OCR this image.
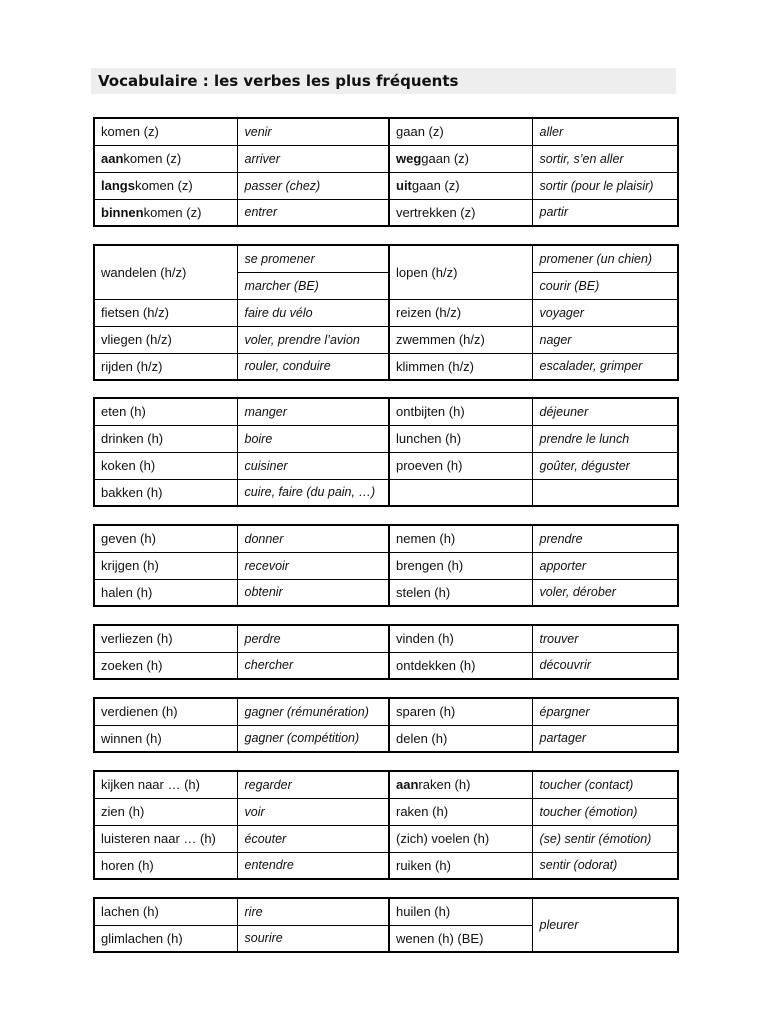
Vocabulaire : les verbes les plus fréquents
komen (z)	venir	gaan (z)	aller
aankomen (z)	arriver	weggaan (z)	sortir, s’en aller
langskomen (z)	passer (chez)	uitgaan (z)	sortir (pour le plaisir)
binnenkomen (z)	entrer	vertrekken (z)	partir
wandelen (h/z)	se promener	lopen (h/z)	promener (un chien)
	marcher (BE)		courir (BE)
fietsen (h/z)	faire du vélo	reizen (h/z)	voyager
vliegen (h/z)	voler, prendre l’avion	zwemmen (h/z)	nager
rijden (h/z)	rouler, conduire	klimmen (h/z)	escalader, grimper
eten (h)	manger	ontbijten (h)	déjeuner
drinken (h)	boire	lunchen (h)	prendre le lunch
koken (h)	cuisiner	proeven (h)	goûter, déguster
bakken (h)	cuire, faire (du pain, …)		
geven (h)	donner	nemen (h)	prendre
krijgen (h)	recevoir	brengen (h)	apporter
halen (h)	obtenir	stelen (h)	voler, dérober
verliezen (h)	perdre	vinden (h)	trouver
zoeken (h)	chercher	ontdekken (h)	découvrir
verdienen (h)	gagner (rémunération)	sparen (h)	épargner
winnen (h)	gagner (compétition)	delen (h)	partager
kijken naar … (h)	regarder	aanraken (h)	toucher (contact)
zien (h)	voir	raken (h)	toucher (émotion)
luisteren naar … (h)	écouter	(zich) voelen (h)	(se) sentir (émotion)
horen (h)	entendre	ruiken (h)	sentir (odorat)
lachen (h)	rire	huilen (h)	pleurer
glimlachen (h)	sourire	wenen (h) (BE)	
